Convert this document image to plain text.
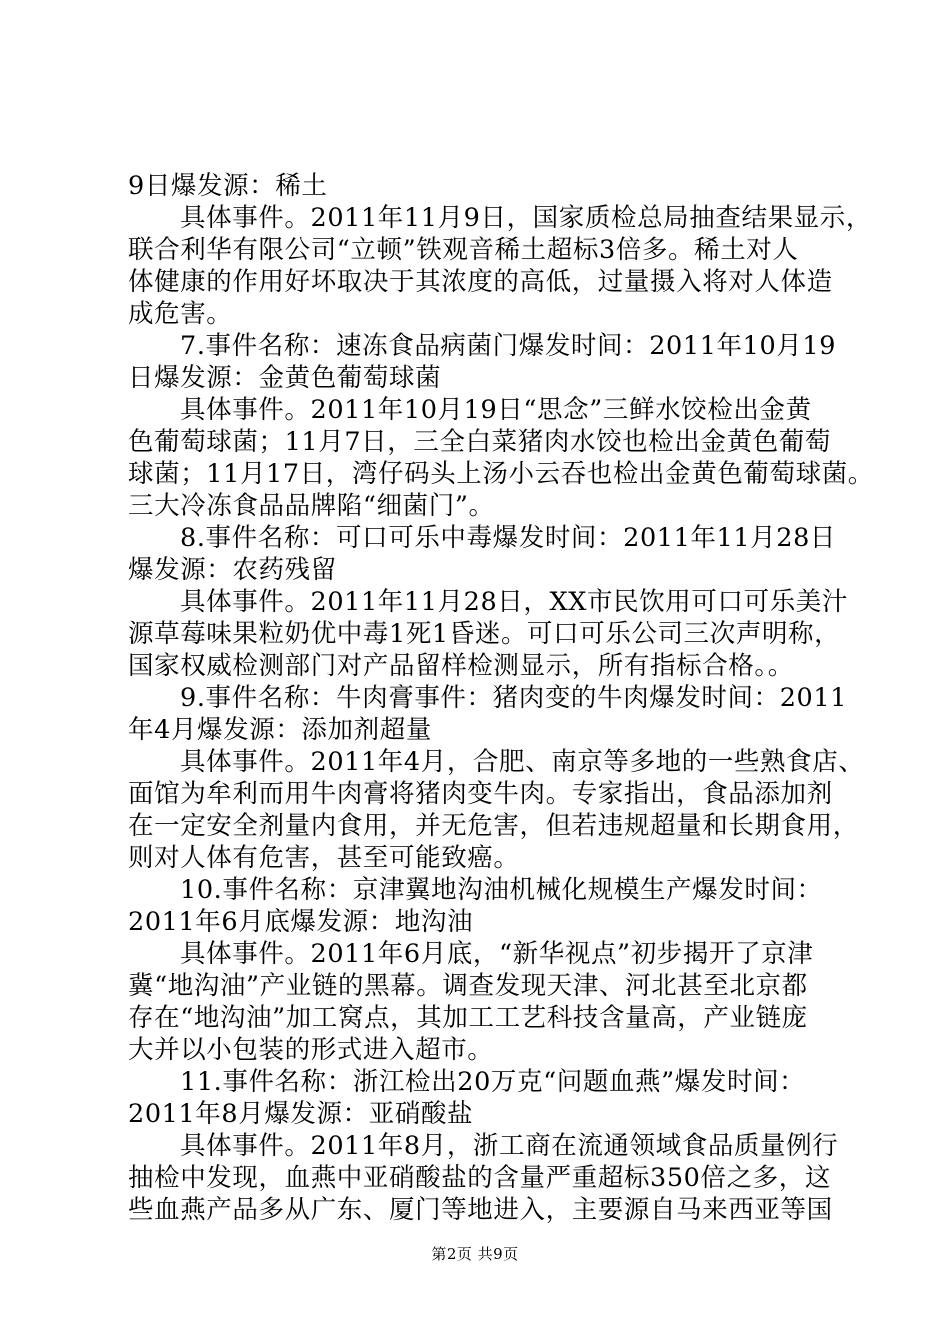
9日爆发源：稀土
具体事件。2011年11月9日，国家质检总局抽查结果显示，
联合利华有限公司“立顿”铁观音稀土超标3倍多。稀土对人
体健康的作用好坏取决于其浓度的高低，过量摄入将对人体造
成危害。
7.事件名称：速冻食品病菌门爆发时间：2011年10月19
日爆发源：金黄色葡萄球菌
具体事件。2011年10月19日“思念”三鲜水饺检出金黄
色葡萄球菌；11月7日，三全白菜猪肉水饺也检出金黄色葡萄
球菌；11月17日，湾仔码头上汤小云吞也检出金黄色葡萄球菌。
三大冷冻食品品牌陷“细菌门”。
8.事件名称：可口可乐中毒爆发时间：2011年11月28日
爆发源：农药残留
具体事件。2011年11月28日，XX市民饮用可口可乐美汁
源草莓味果粒奶优中毒1死1昏迷。可口可乐公司三次声明称，
国家权威检测部门对产品留样检测显示，所有指标合格。。
9.事件名称：牛肉膏事件：猪肉变的牛肉爆发时间：2011
年4月爆发源：添加剂超量
具体事件。2011年4月，合肥、南京等多地的一些熟食店、
面馆为牟利而用牛肉膏将猪肉变牛肉。专家指出，食品添加剂
在一定安全剂量内食用，并无危害，但若违规超量和长期食用，
则对人体有危害，甚至可能致癌。
10.事件名称：京津翼地沟油机械化规模生产爆发时间：
2011年6月底爆发源：地沟油
具体事件。2011年6月底，“新华视点”初步揭开了京津
冀“地沟油”产业链的黑幕。调查发现天津、河北甚至北京都
存在“地沟油”加工窝点，其加工工艺科技含量高，产业链庞
大并以小包装的形式进入超市。
11.事件名称：浙江检出20万克“问题血燕”爆发时间：
2011年8月爆发源：亚硝酸盐
具体事件。2011年8月，浙工商在流通领域食品质量例行
抽检中发现，血燕中亚硝酸盐的含量严重超标350倍之多，这
些血燕产品多从广东、厦门等地进入，主要源自马来西亚等国
第2页 共9页
